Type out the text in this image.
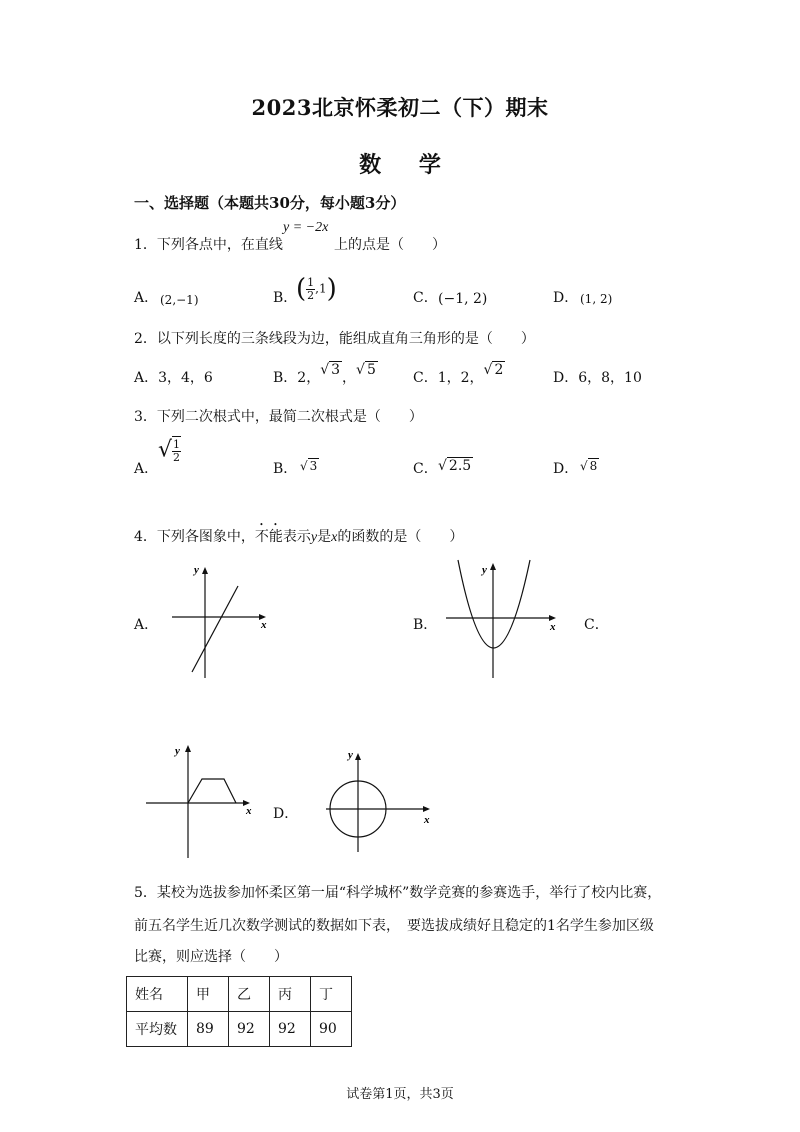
2023北京怀柔初二（下）期末
数 学
一、选择题（本题共30分，每小题3分）
1．下列各点中，在直线
y = −2x
上的点是（　　）
A． (2,−1)	B．
( $\frac{1}{2} ,1$)	C． (−1, 2)	D． (1, 2)
2．以下列长度的三条线段为边，能组成直角三角形的是（　　）
A．3，4，6	B．2，√ 3 ，√ 5	C．1，2，√ 2	D．6，8，10
3．下列二次根式中，最简二次根式是（　　）
A．
√ $\frac{1}{2}$
B． √ 3	C． √ 2.5	D． √ 8
4．下列各图象中，不能表示y是x的函数的是（　　）
A．
y
x	B．
y
x C．
y
x D．
y
x
5．某校为选拔参加怀柔区第一届“科学城杯”数学竞赛的参赛选手，举行了校内比赛，
前五名学生近几次数学测试的数据如下表，　要选拔成绩好且稳定的1名学生参加区级
比赛，则应选择（　　）
姓名	甲	乙	丙	丁
平均数	89	92	92	90
试卷第1页，共3页
